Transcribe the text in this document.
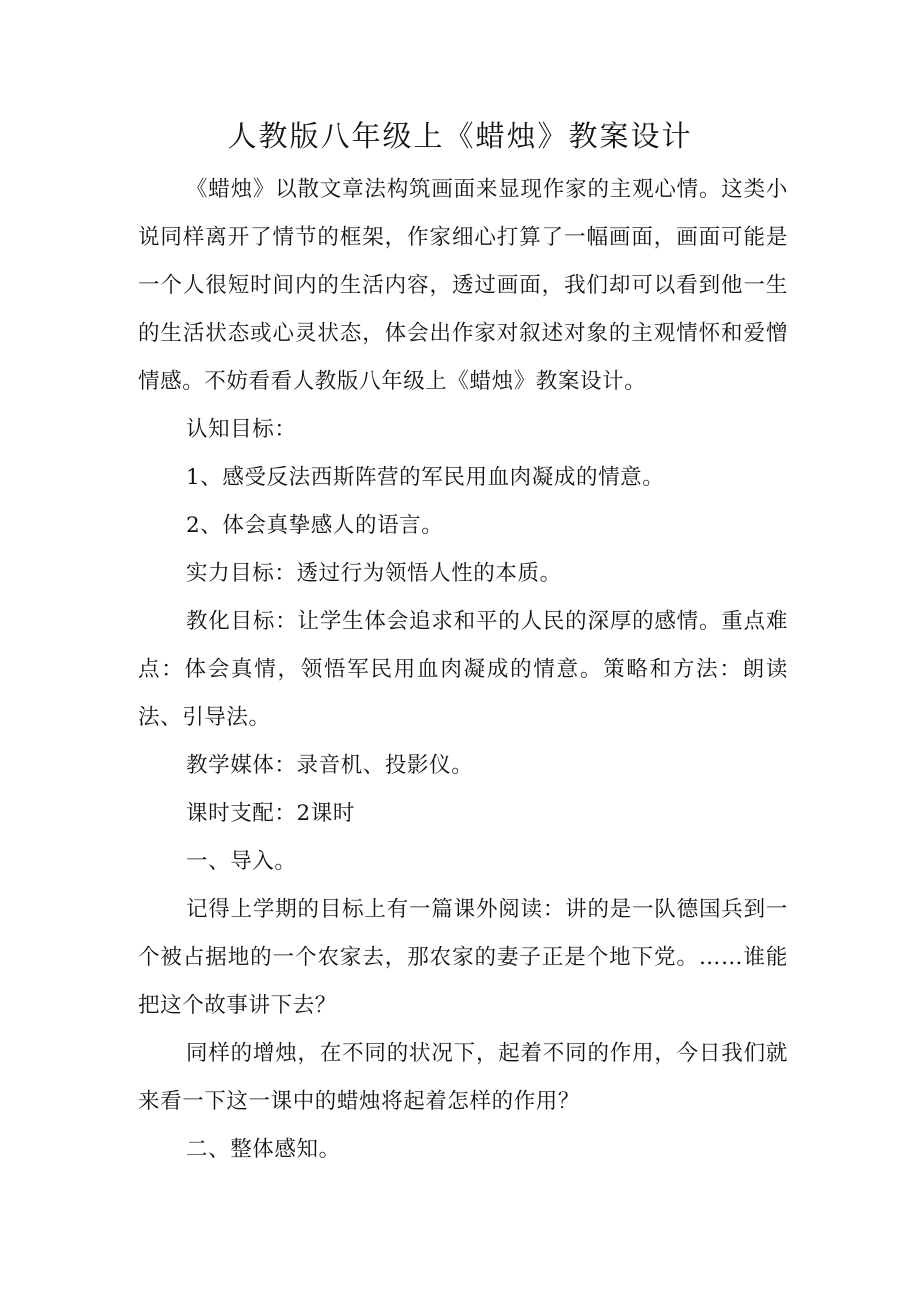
人教版八年级上《蜡烛》教案设计

《蜡烛》以散文章法构筑画面来显现作家的主观心情。这类小说同样离开了情节的框架，作家细心打算了一幅画面，画面可能是一个人很短时间内的生活内容，透过画面，我们却可以看到他一生的生活状态或心灵状态，体会出作家对叙述对象的主观情怀和爱憎情感。不妨看看人教版八年级上《蜡烛》教案设计。

认知目标：

1、感受反法西斯阵营的军民用血肉凝成的情意。

2、体会真挚感人的语言。

实力目标：透过行为领悟人性的本质。

教化目标：让学生体会追求和平的人民的深厚的感情。重点难点：体会真情，领悟军民用血肉凝成的情意。策略和方法：朗读法、引导法。

教学媒体：录音机、投影仪。

课时支配：2课时

一、导入。

记得上学期的目标上有一篇课外阅读：讲的是一队德国兵到一个被占据地的一个农家去，那农家的妻子正是个地下党。……谁能把这个故事讲下去？

同样的增烛，在不同的状况下，起着不同的作用，今日我们就来看一下这一课中的蜡烛将起着怎样的作用？

二、整体感知。
